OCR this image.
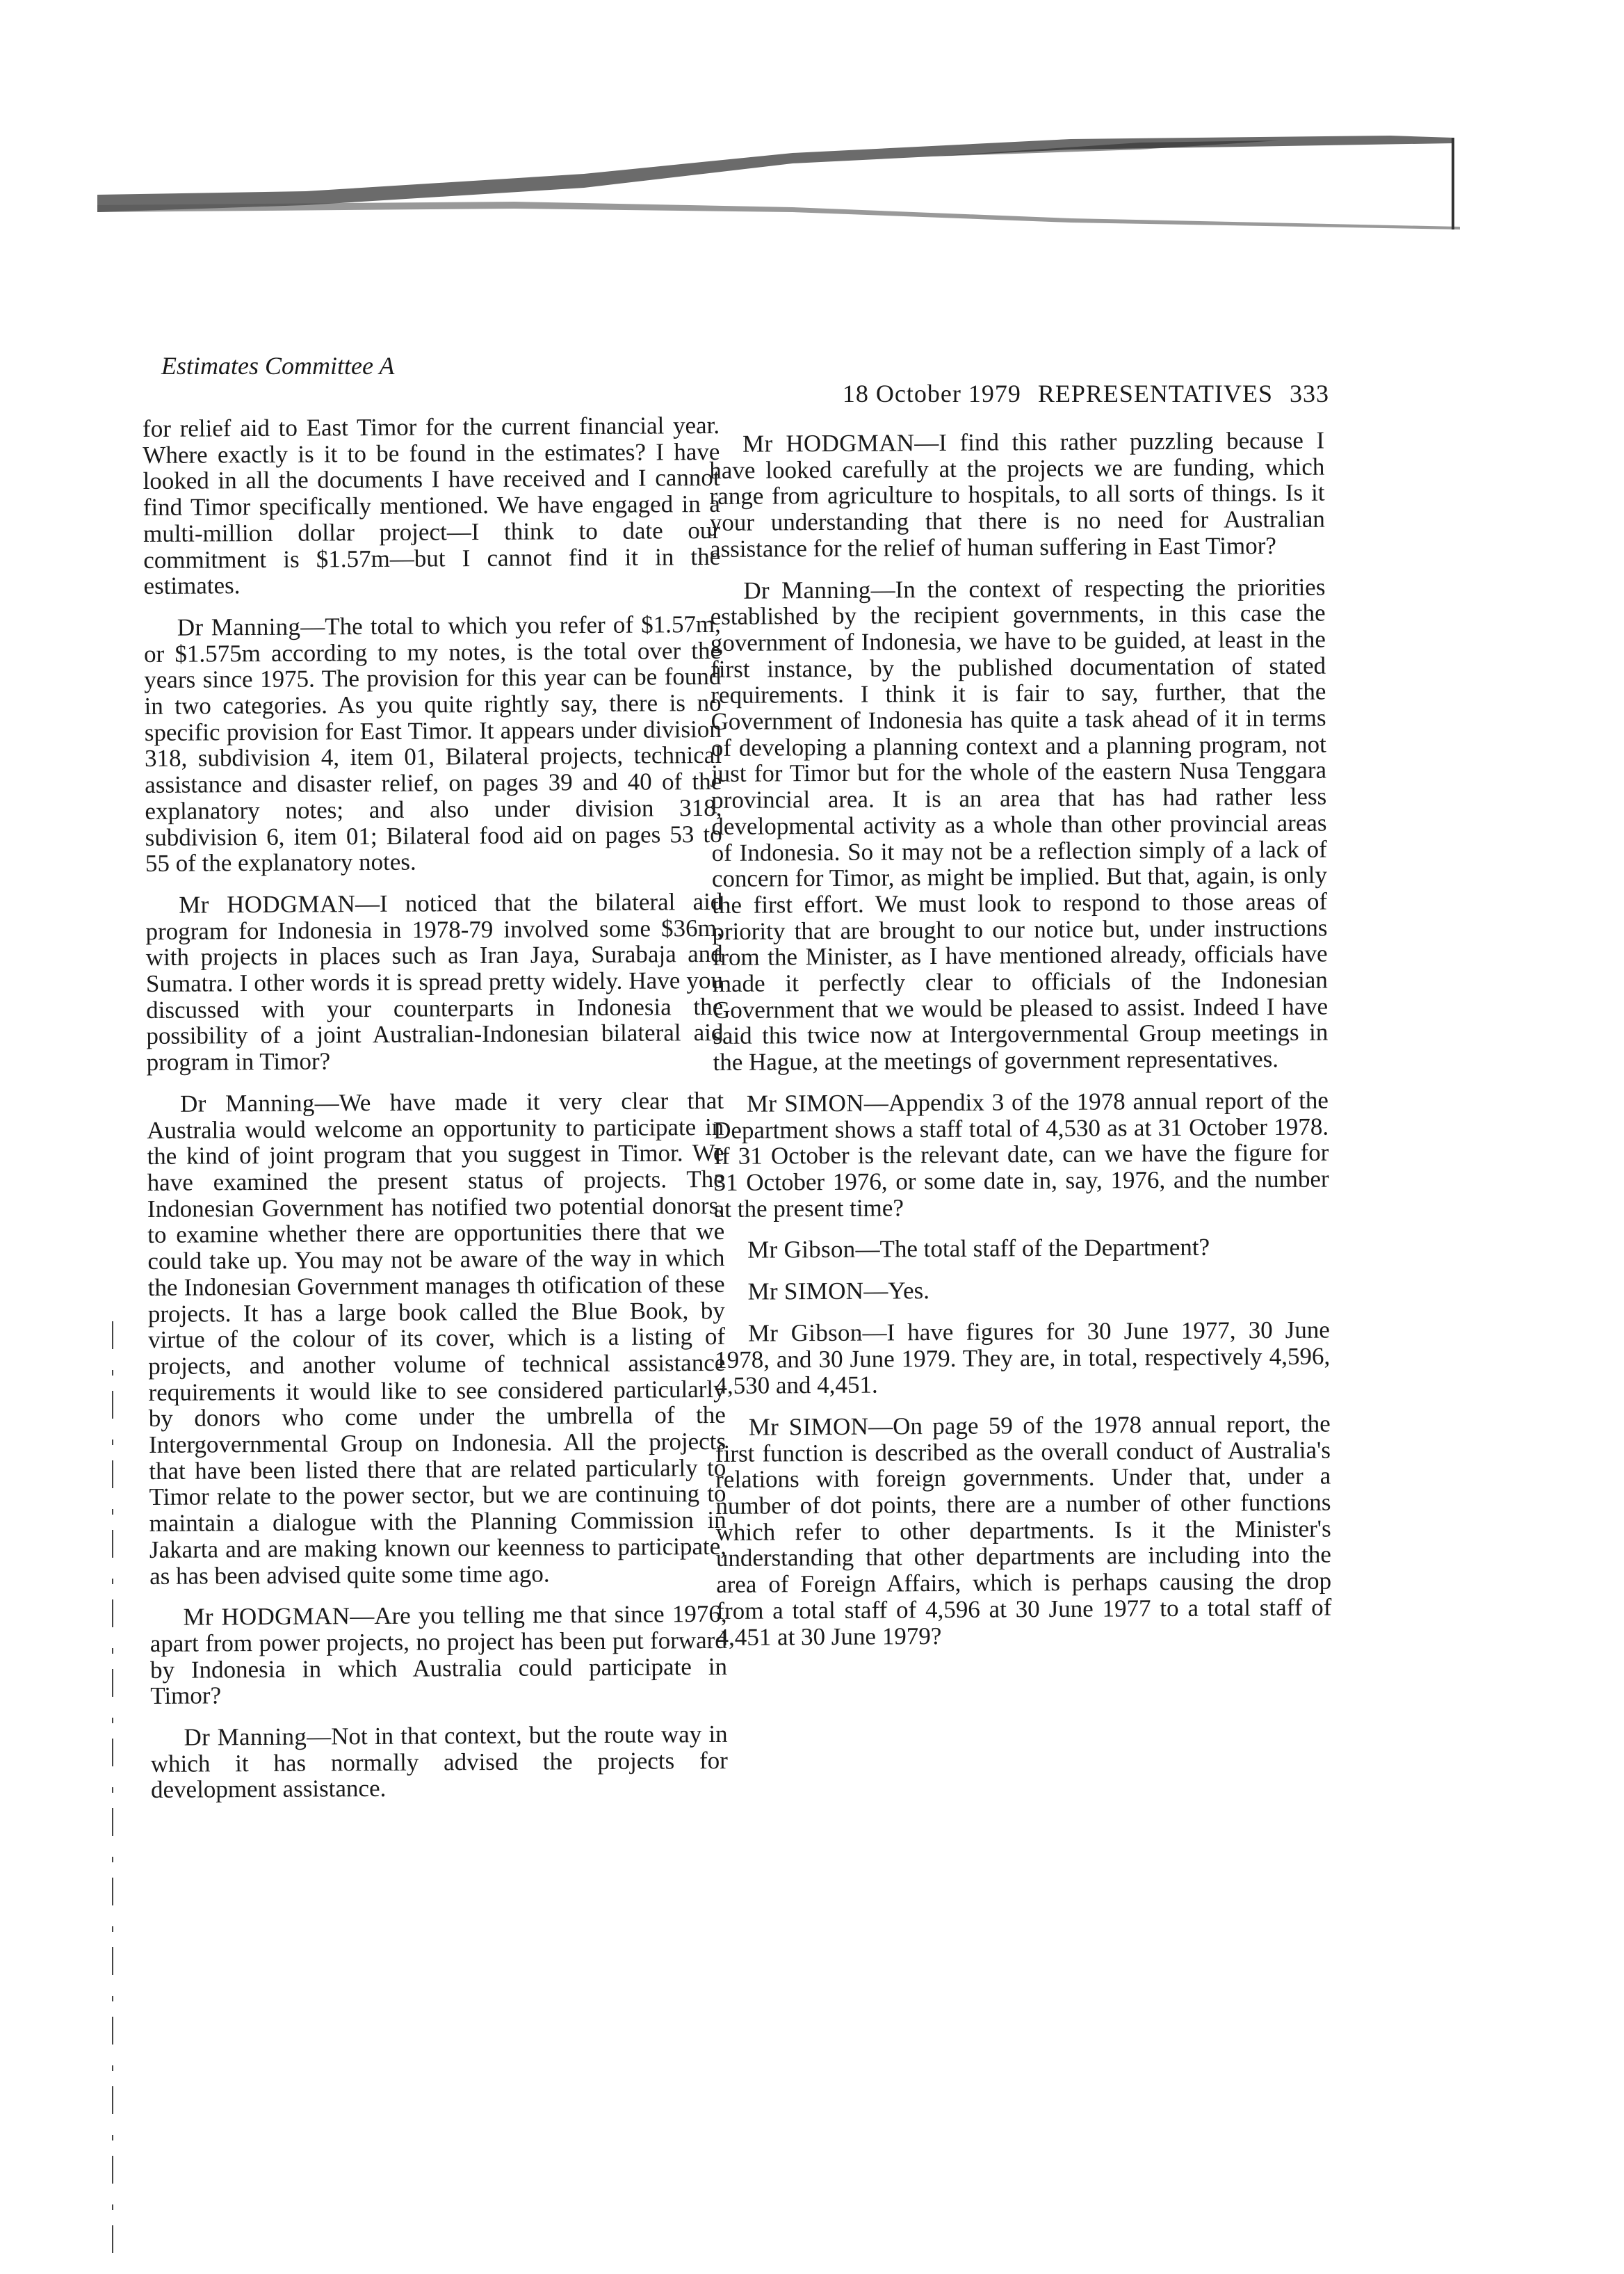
Estimates Committee A
18 October 1979 REPRESENTATIVES 333

for relief aid to East Timor for the current financial year. Where exactly is it to be found in the estimates? I have looked in all the documents I have received and I cannot find Timor specifically mentioned. We have engaged in a multi-million dollar project—I think to date our commitment is $1.57m—but I cannot find it in the estimates.

Dr Manning—The total to which you refer of $1.57m, or $1.575m according to my notes, is the total over the years since 1975. The provision for this year can be found in two categories. As you quite rightly say, there is no specific provision for East Timor. It appears under division 318, subdivision 4, item 01, Bilateral projects, technical assistance and disaster relief, on pages 39 and 40 of the explanatory notes; and also under division 318, subdivision 6, item 01; Bilateral food aid on pages 53 to 55 of the explanatory notes.

Mr HODGMAN—I noticed that the bilateral aid program for Indonesia in 1978-79 involved some $36m, with projects in places such as Iran Jaya, Surabaja and Sumatra. I other words it is spread pretty widely. Have you discussed with your counterparts in Indonesia the possibility of a joint Australian-Indonesian bilateral aid program in Timor?

Dr Manning—We have made it very clear that Australia would welcome an opportunity to participate in the kind of joint program that you suggest in Timor. We have examined the present status of projects. The Indonesian Government has notified two potential donors, to examine whether there are opportunities there that we could take up. You may not be aware of the way in which the Indonesian Government manages th otification of these projects. It has a large book called the Blue Book, by virtue of the colour of its cover, which is a listing of projects, and another volume of technical assistance requirements it would like to see considered particularly by donors who come under the umbrella of the Intergovernmental Group on Indonesia. All the projects that have been listed there that are related particularly to Timor relate to the power sector, but we are continuing to maintain a dialogue with the Planning Commission in Jakarta and are making known our keenness to participate, as has been advised quite some time ago.

Mr HODGMAN—Are you telling me that since 1976, apart from power projects, no project has been put forward by Indonesia in which Australia could participate in Timor?

Dr Manning—Not in that context, but the route way in which it has normally advised the projects for development assistance.

Mr HODGMAN—I find this rather puzzling because I have looked carefully at the projects we are funding, which range from agriculture to hospitals, to all sorts of things. Is it your understanding that there is no need for Australian assistance for the relief of human suffering in East Timor?

Dr Manning—In the context of respecting the priorities established by the recipient governments, in this case the government of Indonesia, we have to be guided, at least in the first instance, by the published documentation of stated requirements. I think it is fair to say, further, that the Government of Indonesia has quite a task ahead of it in terms of developing a planning context and a planning program, not just for Timor but for the whole of the eastern Nusa Tenggara provincial area. It is an area that has had rather less developmental activity as a whole than other provincial areas of Indonesia. So it may not be a reflection simply of a lack of concern for Timor, as might be implied. But that, again, is only the first effort. We must look to respond to those areas of priority that are brought to our notice but, under instructions from the Minister, as I have mentioned already, officials have made it perfectly clear to officials of the Indonesian Government that we would be pleased to assist. Indeed I have said this twice now at Intergovernmental Group meetings in the Hague, at the meetings of government representatives.

Mr SIMON—Appendix 3 of the 1978 annual report of the Department shows a staff total of 4,530 as at 31 October 1978. If 31 October is the relevant date, can we have the figure for 31 October 1976, or some date in, say, 1976, and the number at the present time?

Mr Gibson—The total staff of the Department?

Mr SIMON—Yes.

Mr Gibson—I have figures for 30 June 1977, 30 June 1978, and 30 June 1979. They are, in total, respectively 4,596, 4,530 and 4,451.

Mr SIMON—On page 59 of the 1978 annual report, the first function is described as the overall conduct of Australia's relations with foreign governments. Under that, under a number of dot points, there are a number of other functions which refer to other departments. Is it the Minister's understanding that other departments are including into the area of Foreign Affairs, which is perhaps causing the drop from a total staff of 4,596 at 30 June 1977 to a total staff of 4,451 at 30 June 1979?
